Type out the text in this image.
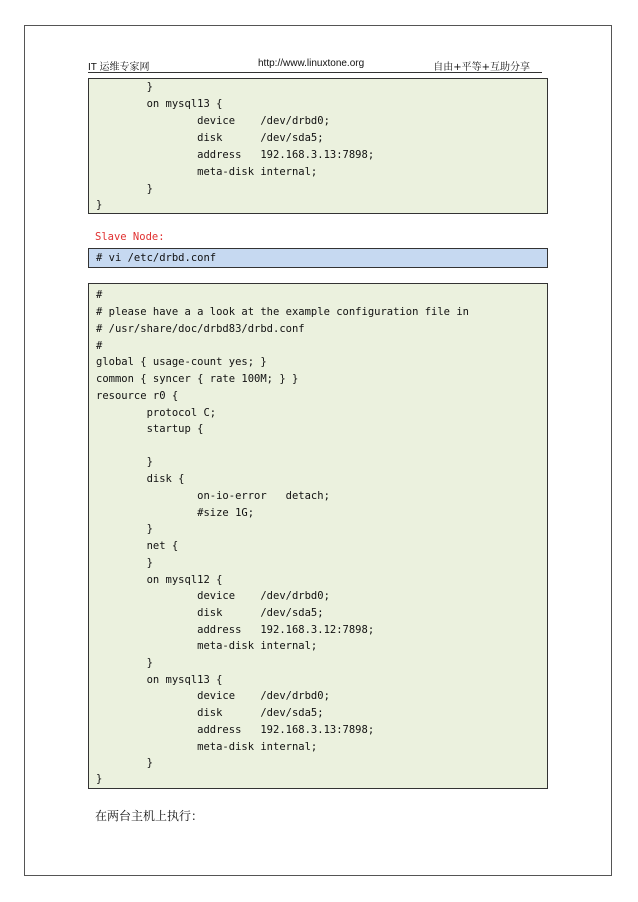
IT 运维专家网	http://www.linuxtone.org	自由+平等+互助分享
}
on mysql13 {
device    /dev/drbd0;
disk      /dev/sda5;
address   192.168.3.13:7898;
meta-disk internal;
}
}
Slave Node:
# vi /etc/drbd.conf
#
# please have a a look at the example configuration file in
# /usr/share/doc/drbd83/drbd.conf
#
global { usage-count yes; }
common { syncer { rate 100M; } }
resource r0 {
protocol C;
startup {
}
disk {
on-io-error   detach;
#size 1G;
}
net {
}
on mysql12 {
device    /dev/drbd0;
disk      /dev/sda5;
address   192.168.3.12:7898;
meta-disk internal;
}
on mysql13 {
device    /dev/drbd0;
disk      /dev/sda5;
address   192.168.3.13:7898;
meta-disk internal;
}
}
在两台主机上执行：
